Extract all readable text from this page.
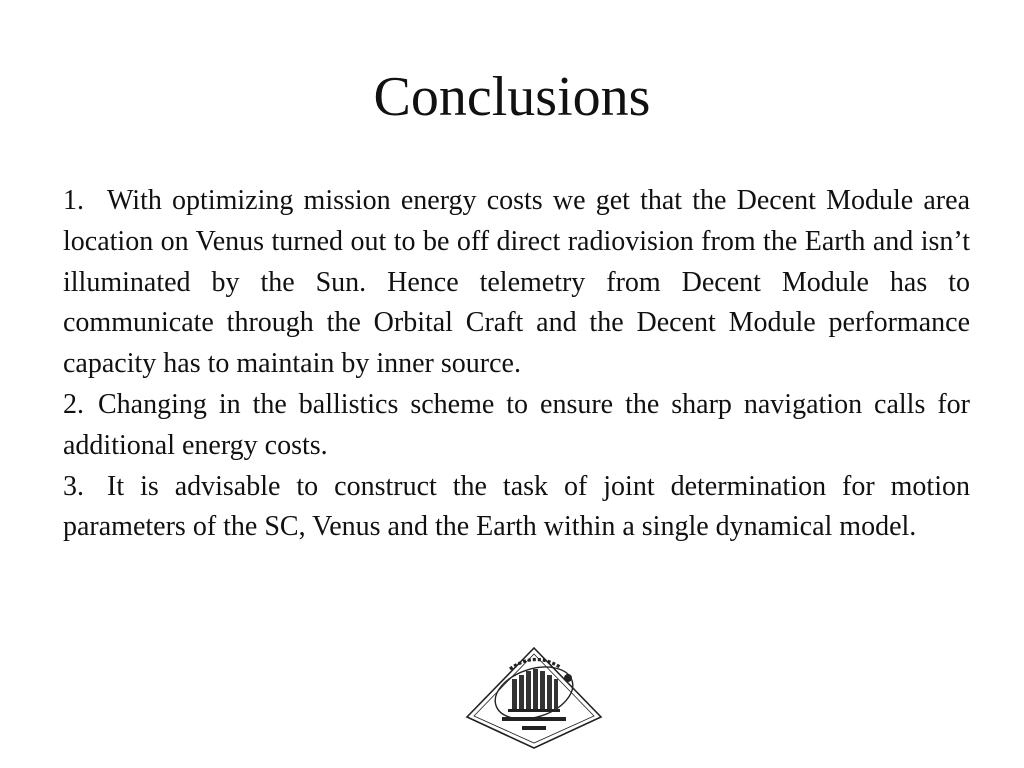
Conclusions

1. With optimizing mission energy costs we get that the Decent Module area location on Venus turned out to be off direct radiovision from the Earth and isn’t illuminated by the Sun. Hence telemetry from Decent Module has to communicate through the Orbital Craft and the Decent Module performance capacity has to maintain by inner source.

2. Changing in the ballistics scheme to ensure the sharp navigation calls for additional energy costs.

3. It is advisable to construct the task of joint determination for motion parameters of the SC, Venus and the Earth within a single dynamical model.
